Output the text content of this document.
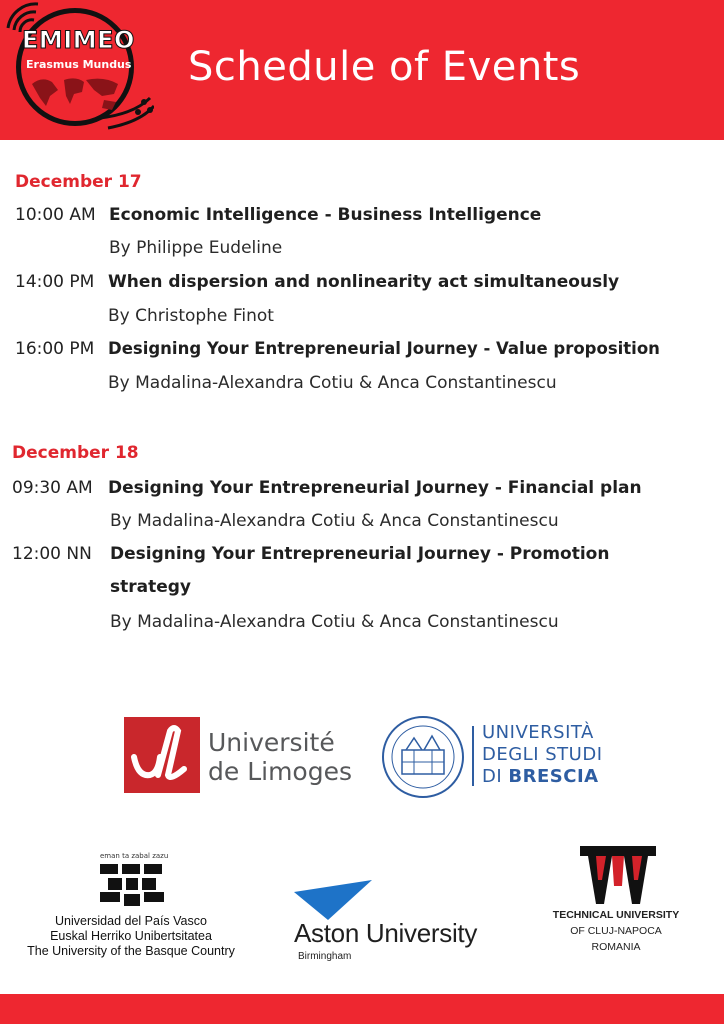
EMIMEO
Erasmus Mundus Schedule of Events
December 17
10:00 AM Economic Intelligence - Business Intelligence
By Philippe Eudeline
14:00 PM When dispersion and nonlinearity act simultaneously
By Christophe Finot
16:00 PM Designing Your Entrepreneurial Journey - Value proposition
By Madalina-Alexandra Cotiu & Anca Constantinescu
December 18
09:30 AM Designing Your Entrepreneurial Journey - Financial plan
By Madalina-Alexandra Cotiu & Anca Constantinescu
12:00 NN Designing Your Entrepreneurial Journey - Promotion
strategy
By Madalina-Alexandra Cotiu & Anca Constantinescu
Université
de Limoges
UNIVERSITÀ
DEGLI STUDI
DI BRESCIA
eman ta zabal zazu
Universidad del País Vasco
Euskal Herriko Unibertsitatea
The University of the Basque Country
Aston University
Birmingham
TECHNICAL UNIVERSITY
OF CLUJ-NAPOCA
ROMANIA
